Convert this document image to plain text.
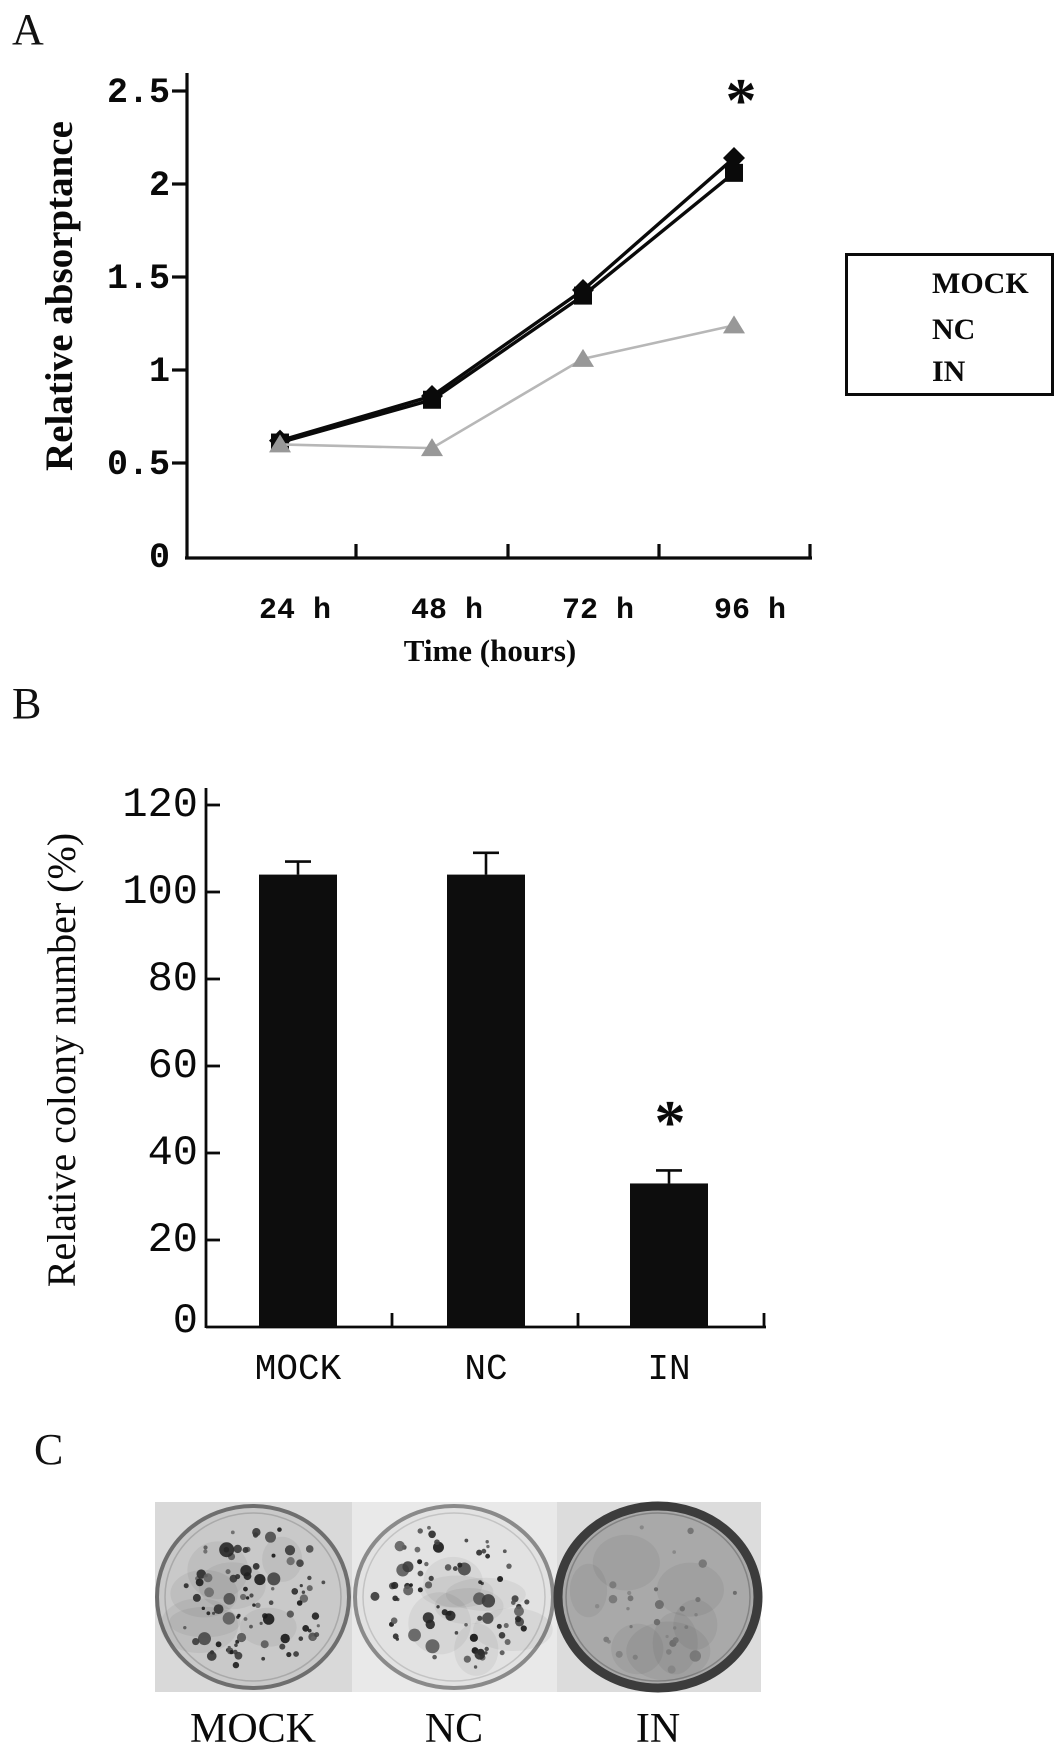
A
B
C
2.5
2
1.5
1
0.5
0
Relative absorptance
24 h	48 h	72 h	96 h
Time (hours)
*
MOCK
NC
IN
120
100
80
60
40
20
0
Relative colony number (%)
MOCK	NC	IN
*
MOCK	NC	IN
